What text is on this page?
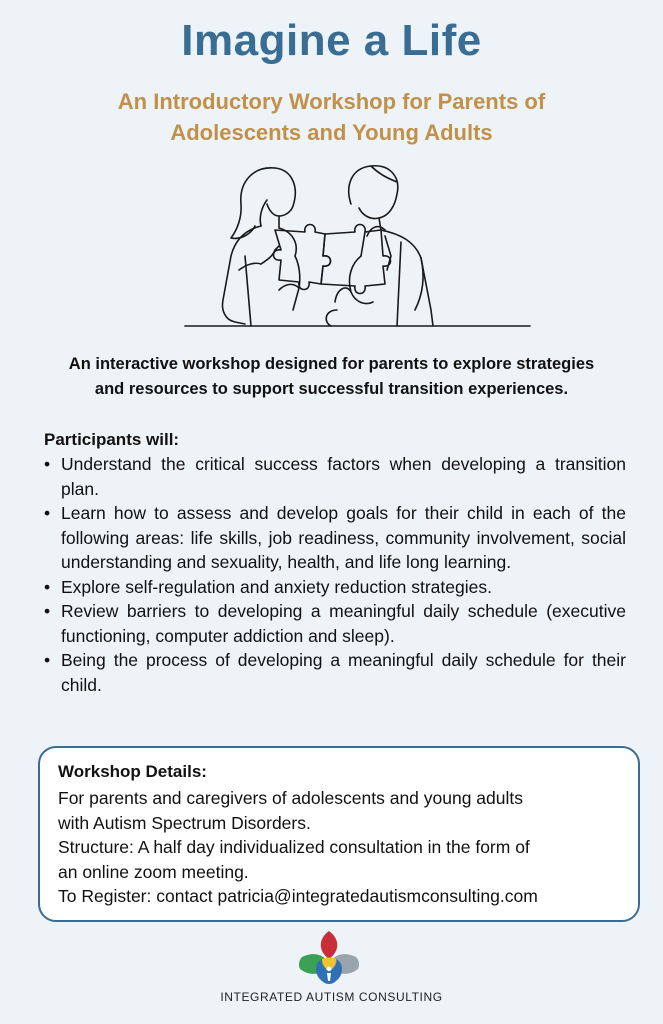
Imagine a Life
An Introductory Workshop for Parents of
Adolescents and Young Adults
An interactive workshop designed for parents to explore strategies
and resources to support successful transition experiences.
Participants will:
• Understand the critical success factors when developing a transition plan.
• Learn how to assess and develop goals for their child in each of the following areas: life skills, job readiness, community involvement, social understanding and sexuality, health, and life long learning.
• Explore self-regulation and anxiety reduction strategies.
• Review barriers to developing a meaningful daily schedule (executive functioning, computer addiction and sleep).
• Being the process of developing a meaningful daily schedule for their child.
Workshop Details:
For parents and caregivers of adolescents and young adults
with Autism Spectrum Disorders.
Structure: A half day individualized consultation in the form of
an online zoom meeting.
To Register: contact patricia@integratedautismconsulting.com
INTEGRATED AUTISM CONSULTING
